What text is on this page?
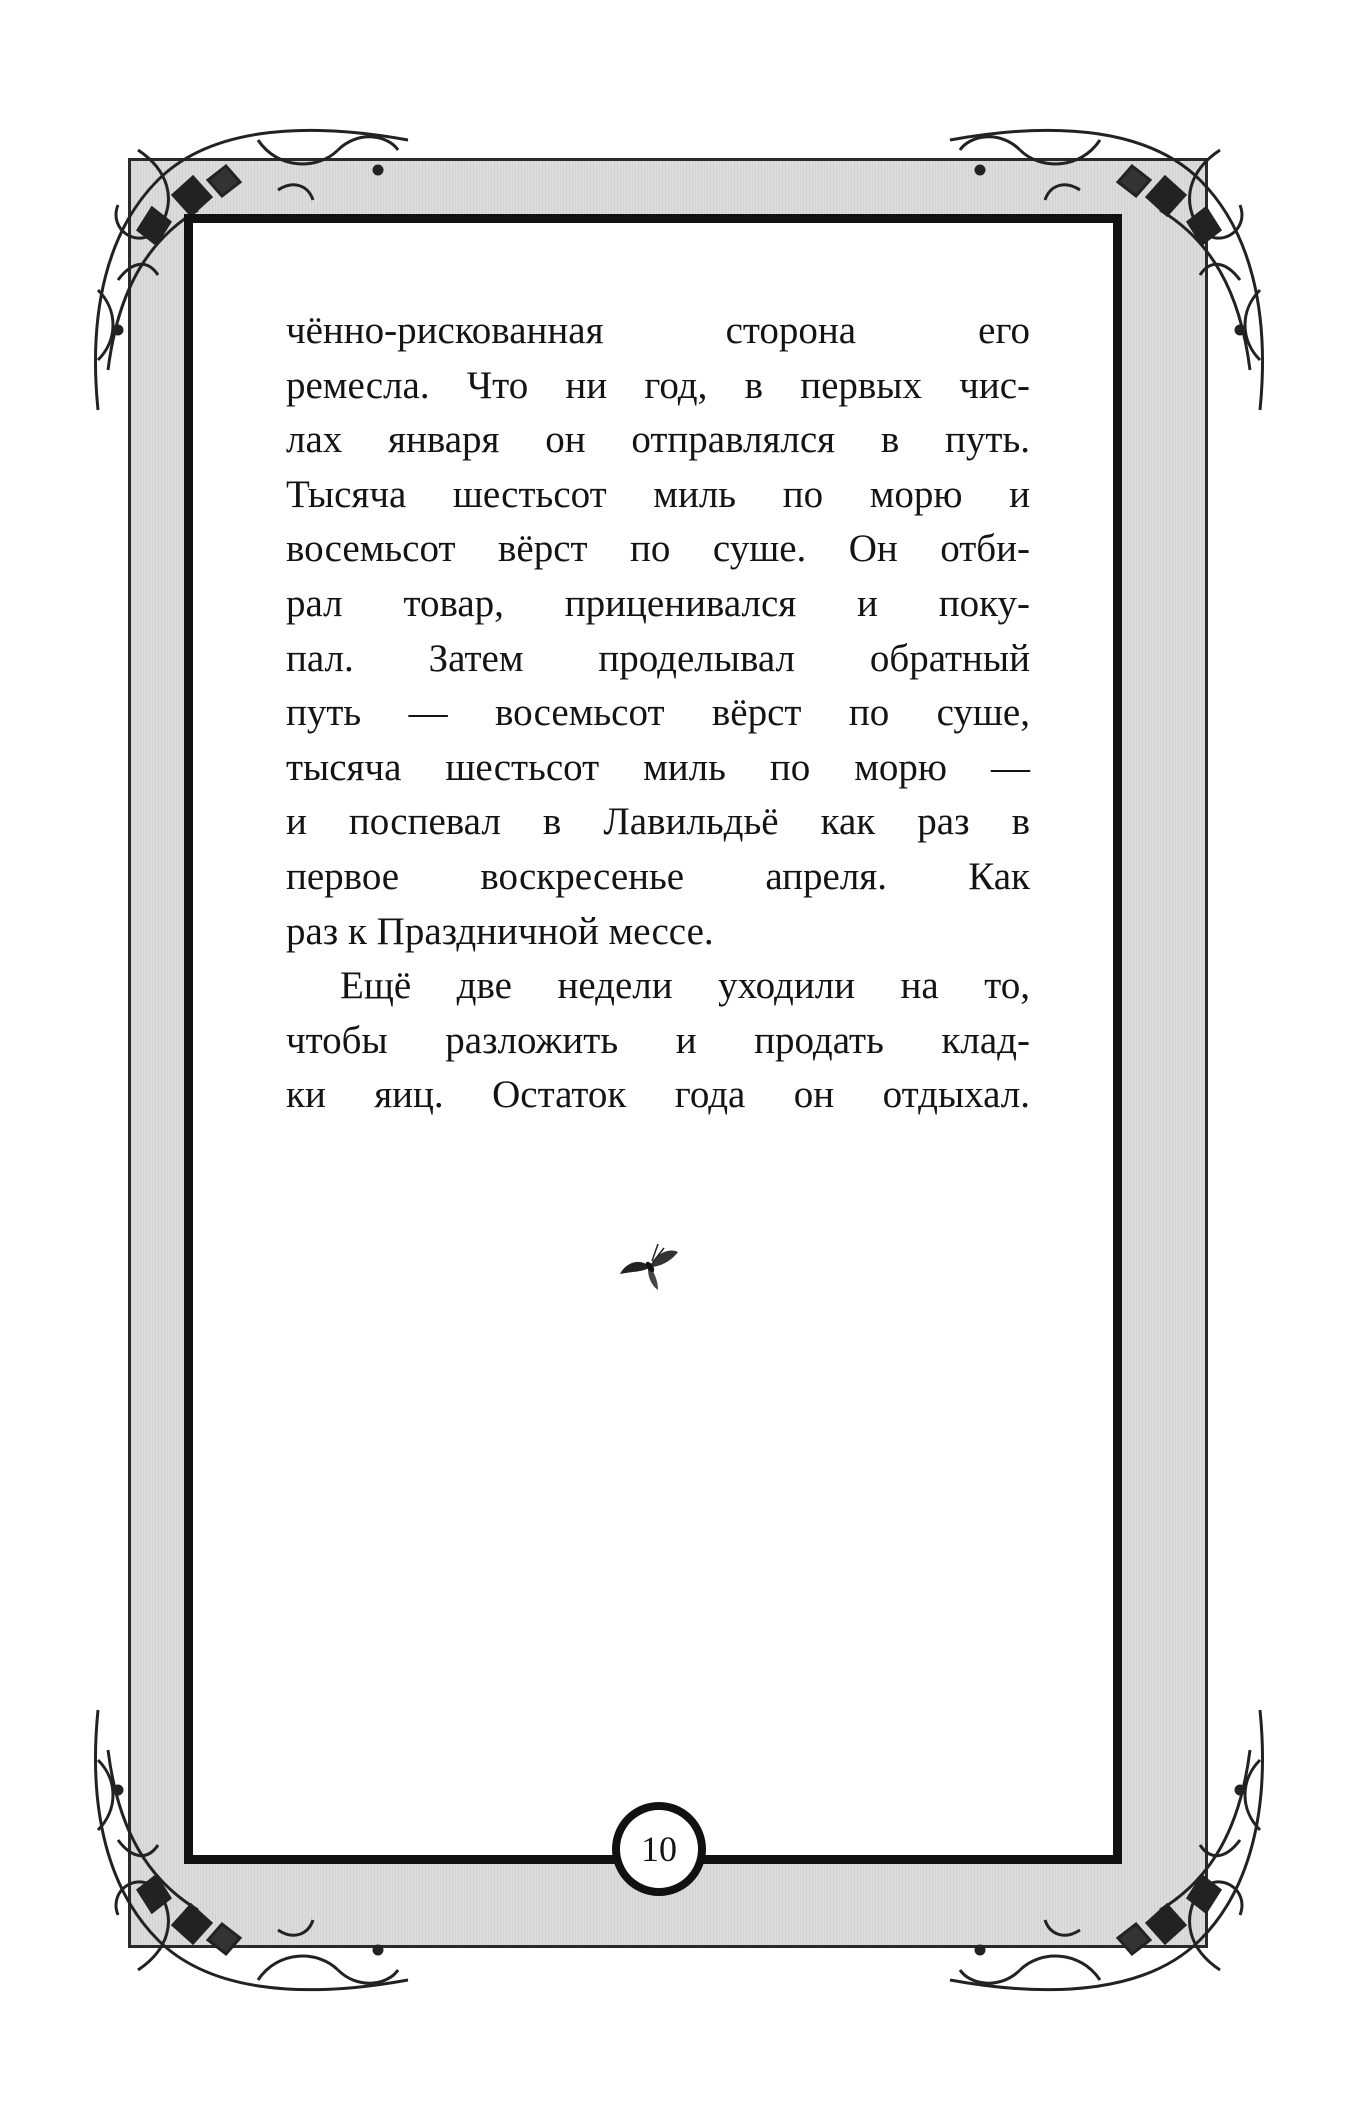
чённо-рискованная сторона его
ремесла. Что ни год, в первых чис-
лах января он отправлялся в путь.
Тысяча шестьсот миль по морю и
восемьсот вёрст по суше. Он отби-
рал товар, приценивался и поку-
пал. Затем проделывал обратный
путь — восемьсот вёрст по суше,
тысяча шестьсот миль по морю —
и поспевал в Лавильдьё как раз в
первое воскресенье апреля. Как
раз к Праздничной мессе.
Ещё две недели уходили на то,
чтобы разложить и продать клад-
ки яиц. Остаток года он отдыхал.
10
